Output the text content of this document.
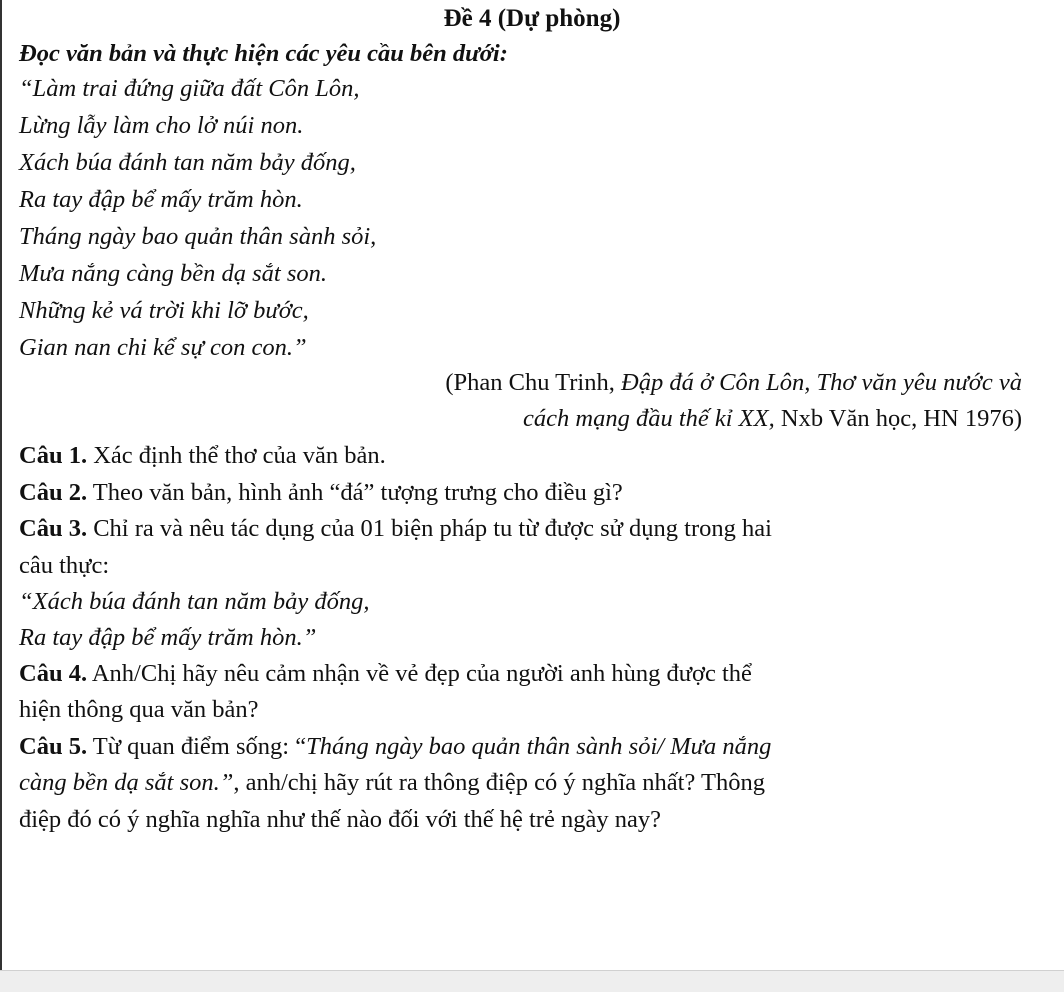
Đề 4 (Dự phòng)
Đọc văn bản và thực hiện các yêu cầu bên dưới:
“Làm trai đứng giữa đất Côn Lôn,
Lừng lẫy làm cho lở núi non.
Xách búa đánh tan năm bảy đống,
Ra tay đập bể mấy trăm hòn.
Tháng ngày bao quản thân sành sỏi,
Mưa nắng càng bền dạ sắt son.
Những kẻ vá trời khi lỡ bước,
Gian nan chi kể sự con con.”
(Phan Chu Trinh, Đập đá ở Côn Lôn, Thơ văn yêu nước và
cách mạng đầu thế kỉ XX, Nxb Văn học, HN 1976)
Câu 1. Xác định thể thơ của văn bản.
Câu 2. Theo văn bản, hình ảnh “đá” tượng trưng cho điều gì?
Câu 3. Chỉ ra và nêu tác dụng của 01 biện pháp tu từ được sử dụng trong hai
câu thực:
“Xách búa đánh tan năm bảy đống,
Ra tay đập bể mấy trăm hòn.”
Câu 4. Anh/Chị hãy nêu cảm nhận về vẻ đẹp của người anh hùng được thể
hiện thông qua văn bản?
Câu 5. Từ quan điểm sống: “Tháng ngày bao quản thân sành sỏi/ Mưa nắng
càng bền dạ sắt son.”, anh/chị hãy rút ra thông điệp có ý nghĩa nhất? Thông
điệp đó có ý nghĩa nghĩa như thế nào đối với thế hệ trẻ ngày nay?
